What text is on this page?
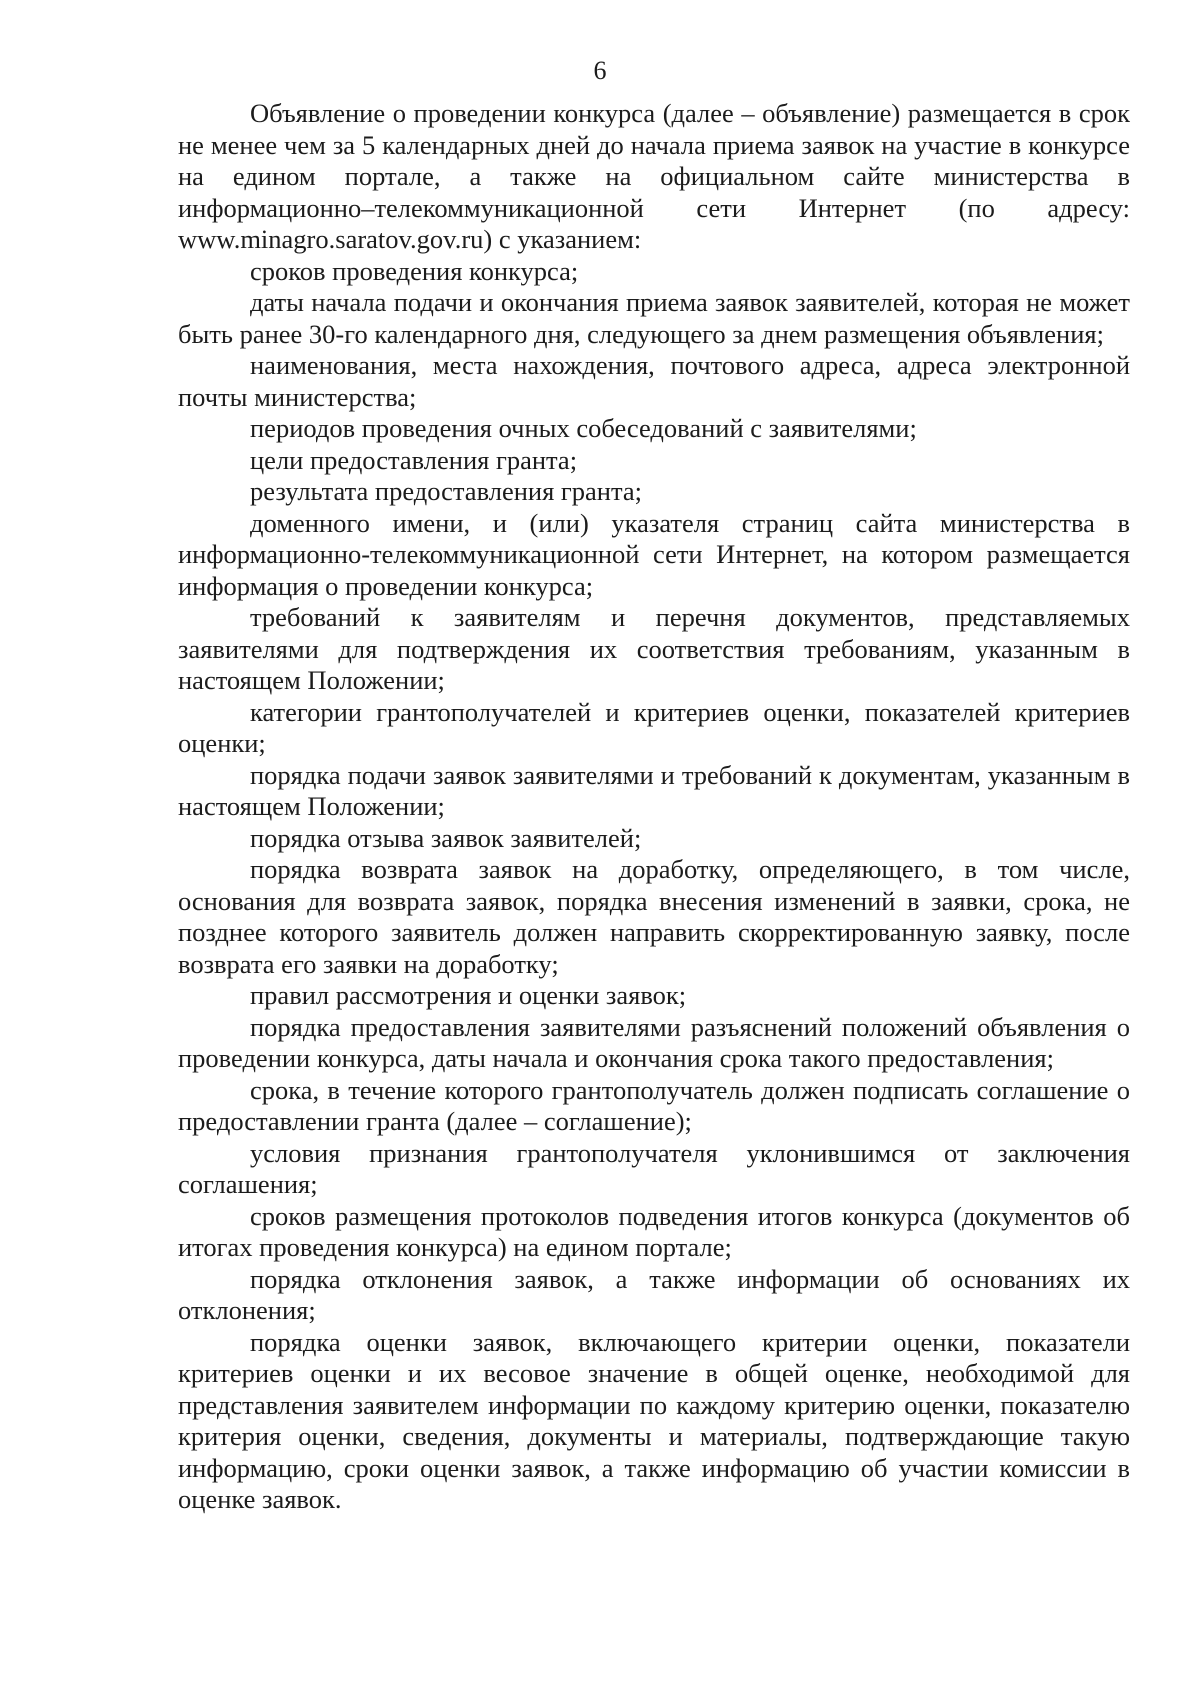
6

Объявление о проведении конкурса (далее – объявление) размещается в срок не менее чем за 5 календарных дней до начала приема заявок на участие в конкурсе на едином портале, а также на официальном сайте министерства в информационно–телекоммуникационной сети Интернет (по адресу: www.minagro.saratov.gov.ru) с указанием:

сроков проведения конкурса;

даты начала подачи и окончания приема заявок заявителей, которая не может быть ранее 30-го календарного дня, следующего за днем размещения объявления;

наименования, места нахождения, почтового адреса, адреса электронной почты министерства;

периодов проведения очных собеседований с заявителями;

цели предоставления гранта;

результата предоставления гранта;

доменного имени, и (или) указателя страниц сайта министерства в информационно-телекоммуникационной сети Интернет, на котором размещается информация о проведении конкурса;

требований к заявителям и перечня документов, представляемых заявителями для подтверждения их соответствия требованиям, указанным в настоящем Положении;

категории грантополучателей и критериев оценки, показателей критериев оценки;

порядка подачи заявок заявителями и требований к документам, указанным в настоящем Положении;

порядка отзыва заявок заявителей;

порядка возврата заявок на доработку, определяющего, в том числе, основания для возврата заявок, порядка внесения изменений в заявки, срока, не позднее которого заявитель должен направить скорректированную заявку, после возврата его заявки на доработку;

правил рассмотрения и оценки заявок;

порядка предоставления заявителями разъяснений положений объявления о проведении конкурса, даты начала и окончания срока такого предоставления;

срока, в течение которого грантополучатель должен подписать соглашение о предоставлении гранта (далее – соглашение);

условия признания грантополучателя уклонившимся от заключения соглашения;

сроков размещения протоколов подведения итогов конкурса (документов об итогах проведения конкурса) на едином портале;

порядка отклонения заявок, а также информации об основаниях их отклонения;

порядка оценки заявок, включающего критерии оценки, показатели критериев оценки и их весовое значение в общей оценке, необходимой для представления заявителем информации по каждому критерию оценки, показателю критерия оценки, сведения, документы и материалы, подтверждающие такую информацию, сроки оценки заявок, а также информацию об участии комиссии в оценке заявок.
